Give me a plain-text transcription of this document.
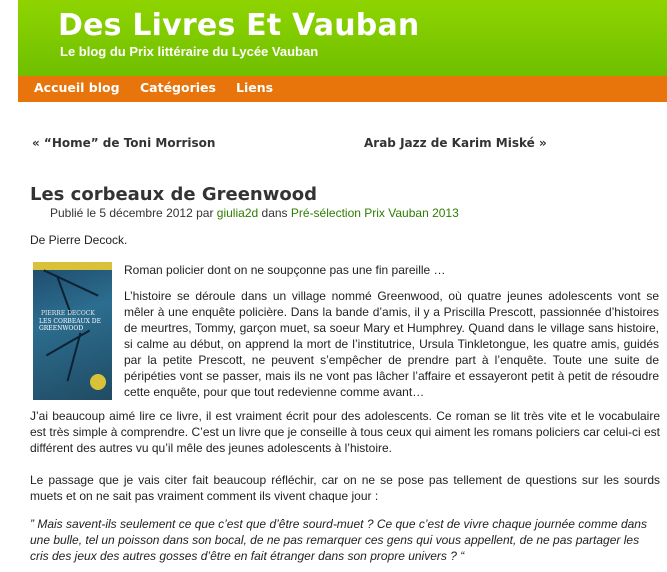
Des Livres Et Vauban
Le blog du Prix littéraire du Lycée Vauban
Accueil blog Catégories Liens
« “Home” de Toni Morrison	Arab Jazz de Karim Miské »
Les corbeaux de Greenwood
Publié le 5 décembre 2012 par giulia2d dans Pré-sélection Prix Vauban 2013
De Pierre Decock.
PIERRE DECOCK
LES CORBEAUX DE GREENWOOD
Roman policier dont on ne soupçonne pas une fin pareille …
L’histoire se déroule dans un village nommé Greenwood, où quatre jeunes adolescents vont se mêler à une enquête policière. Dans la bande d’amis, il y a Priscilla Prescott, passionnée d’histoires de meurtres, Tommy, garçon muet, sa soeur Mary et Humphrey. Quand dans le village sans histoire, si calme au début, on apprend la mort de l’institutrice, Ursula Tinkletongue, les quatre amis, guidés par la petite Prescott, ne peuvent s’empêcher de prendre part à l’enquête. Toute une suite de péripéties vont se passer, mais ils ne vont pas lâcher l’affaire et essayeront petit à petit de résoudre cette enquête, pour que tout redevienne comme avant…
J’ai beaucoup aimé lire ce livre, il est vraiment écrit pour des adolescents. Ce roman se lit très vite et le vocabulaire est très simple à comprendre. C’est un livre que je conseille à tous ceux qui aiment les romans policiers car celui-ci est différent des autres vu qu’il mêle des jeunes adolescents à l’histoire.
Le passage que je vais citer fait beaucoup réfléchir, car on ne se pose pas tellement de questions sur les sourds muets et on ne sait pas vraiment comment ils vivent chaque jour :
” Mais savent-ils seulement ce que c’est que d’être sourd-muet ? Ce que c’est de vivre chaque journée comme dans une bulle, tel un poisson dans son bocal, de ne pas remarquer ces gens qui vous appellent, de ne pas partager les cris des jeux des autres gosses d’être en fait étranger dans son propre univers ? “
